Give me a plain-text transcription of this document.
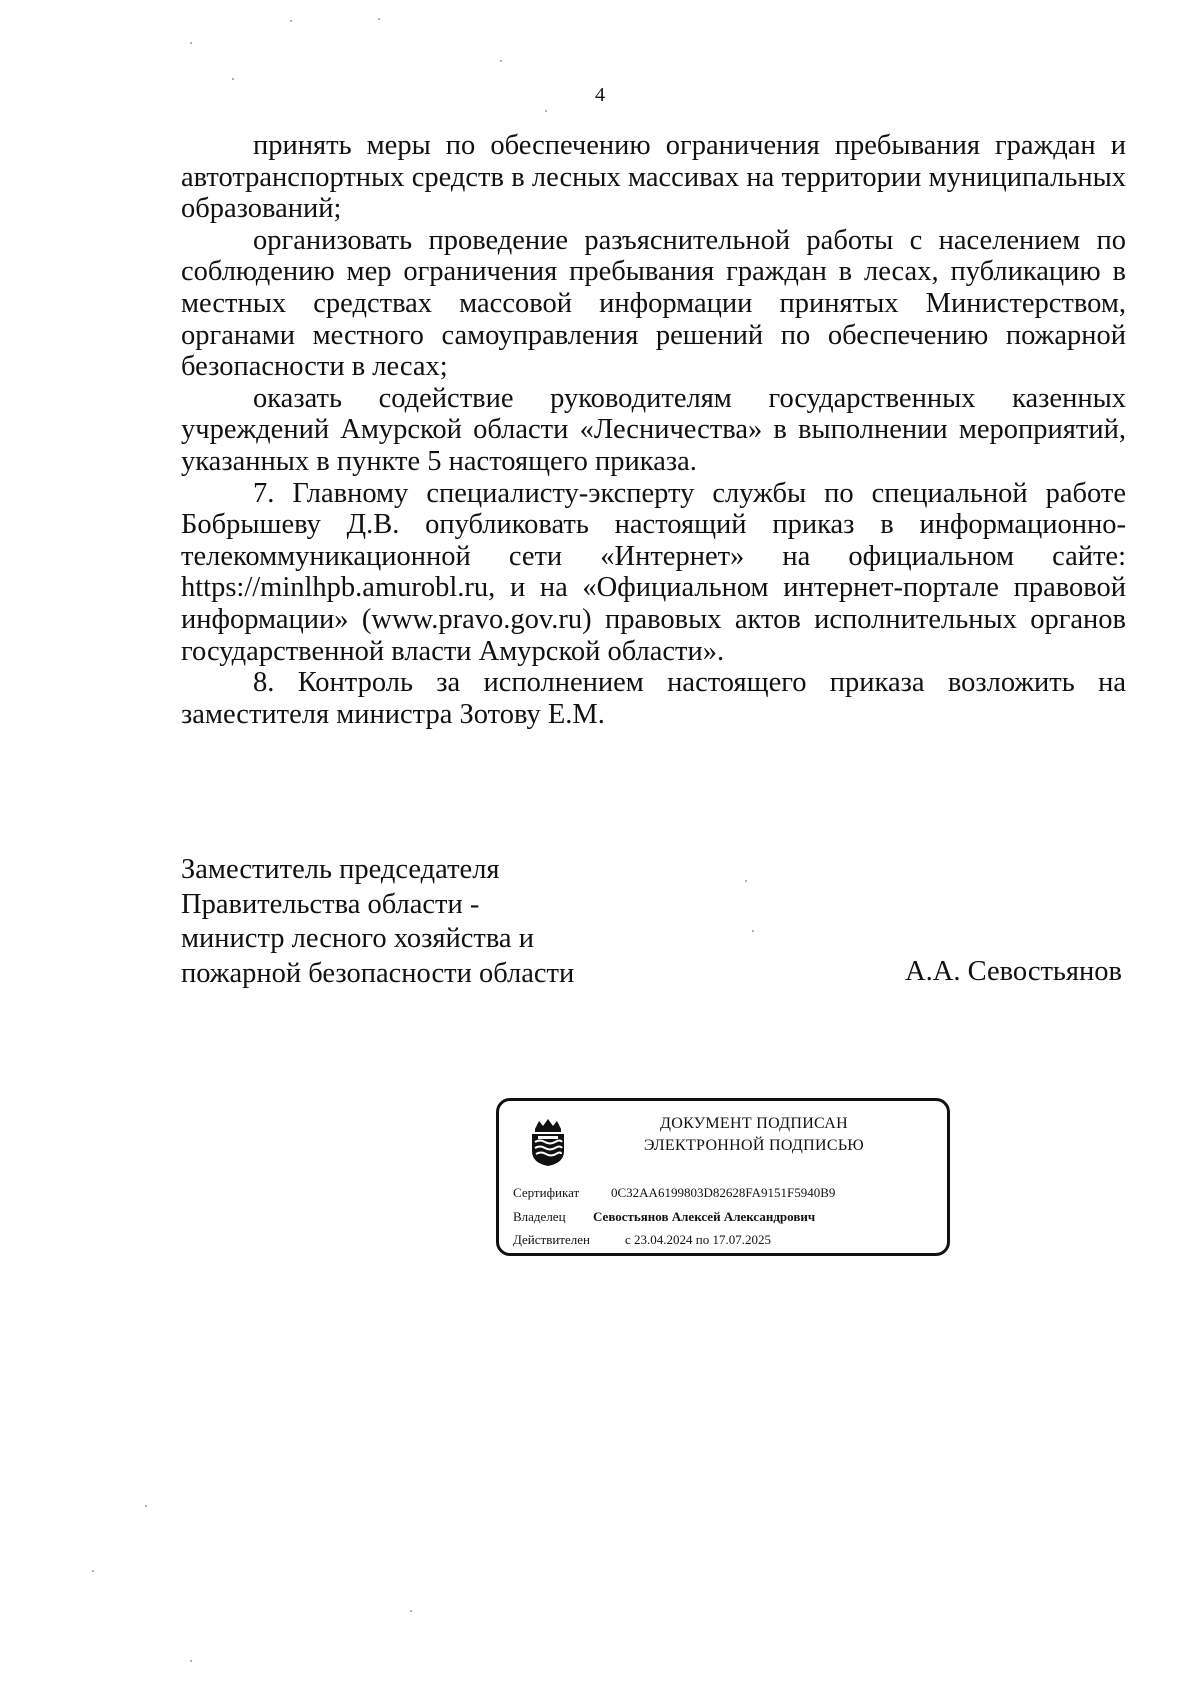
4

принять меры по обеспечению ограничения пребывания граждан и автотранспортных средств в лесных массивах на территории муниципальных образований;

организовать проведение разъяснительной работы с населением по соблюдению мер ограничения пребывания граждан в лесах, публикацию в местных средствах массовой информации принятых Министерством, органами местного самоуправления решений по обеспечению пожарной безопасности в лесах;

оказать содействие руководителям государственных казенных учреждений Амурской области «Лесничества» в выполнении мероприятий, указанных в пункте 5 настоящего приказа.

7. Главному специалисту-эксперту службы по специальной работе Бобрышеву Д.В. опубликовать настоящий приказ в информационно-телекоммуникационной сети «Интернет» на официальном сайте: https://minlhpb.amurobl.ru, и на «Официальном интернет-портале правовой информации» (www.pravo.gov.ru) правовых актов исполнительных органов государственной власти Амурской области».

8. Контроль за исполнением настоящего приказа возложить на заместителя министра Зотову Е.М.

Заместитель председателя
Правительства области -
министр лесного хозяйства и
пожарной безопасности области	А.А. Севостьянов
ДОКУМЕНТ ПОДПИСАН
ЭЛЕКТРОННОЙ ПОДПИСЬЮ
Сертификат 0C32AA6199803D82628FA9151F5940B9
Владелец Севостьянов Алексей Александрович
Действителен	с 23.04.2024 по 17.07.2025
